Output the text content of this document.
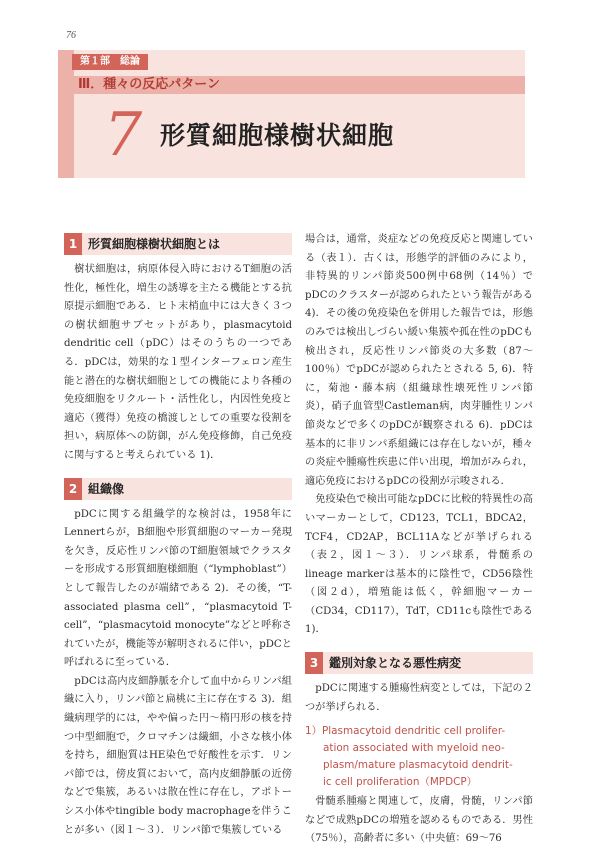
76
第１部　総論
Ⅲ．種々の反応パターン
7 形質細胞様樹状細胞
1 形質細胞様樹状細胞とは

樹状細胞は，病原体侵入時におけるT細胞の活性化，極性化，増生の誘導を主たる機能とする抗原提示細胞である．ヒト末梢血中には大きく３つの樹状細胞サブセットがあり，plasmacytoid dendritic cell（pDC）はそのうちの一つである．pDCは，効果的な１型インターフェロン産生能と潜在的な樹状細胞としての機能により各種の免疫細胞をリクルート・活性化し，内因性免疫と適応（獲得）免疫の橋渡しとしての重要な役割を担い，病原体への防御，がん免疫修飾，自己免疫に関与すると考えられている 1)．

2 組織像

pDCに関する組織学的な検討は，1958年にLennertらが，B細胞や形質細胞のマーカー発現を欠き，反応性リンパ節のT細胞領域でクラスターを形成する形質細胞様細胞（“lymphoblast”）として報告したのが端緒である 2)．その後，“T-associated plasma cell”，“plasmacytoid T-cell”，“plasmacytoid monocyte”などと呼称されていたが，機能等が解明されるに伴い，pDCと呼ばれるに至っている．

pDCは高内皮細静脈を介して血中からリンパ組織に入り，リンパ節と扁桃に主に存在する 3)．組織病理学的には，やや偏った円〜楕円形の核を持つ中型細胞で，クロマチンは繊細，小さな核小体を持ち，細胞質はHE染色で好酸性を示す．リンパ節では，傍皮質において，高内皮細静脈の近傍などで集簇，あるいは散在性に存在し，アポトーシス小体やtingible body macrophageを伴うことが多い（図１〜３）．リンパ節で集簇している

場合は，通常，炎症などの免疫反応と関連している（表１）．古くは，形態学的評価のみにより，非特異的リンパ節炎500例中68例（14％）でpDCのクラスターが認められたという報告がある 4)．その後の免疫染色を併用した報告では，形態のみでは検出しづらい緩い集簇や孤在性のpDCも検出され，反応性リンパ節炎の大多数（87〜100％）でpDCが認められたとされる 5, 6)．特に，菊池・藤本病（組織球性壊死性リンパ節炎），硝子血管型Castleman病，肉芽腫性リンパ節炎などで多くのpDCが観察される 6)．pDCは基本的に非リンパ系組織には存在しないが，種々の炎症や腫瘍性疾患に伴い出現，増加がみられ，適応免疫におけるpDCの役割が示唆される．

免疫染色で検出可能なpDCに比較的特異性の高いマーカーとして，CD123，TCL1，BDCA2，TCF4，CD2AP，BCL11Aなどが挙げられる（表２，図１〜３）．リンパ球系，骨髄系のlineage markerは基本的に陰性で，CD56陰性（図２d），増殖能は低く，幹細胞マーカー（CD34，CD117），TdT，CD11cも陰性である 1)．

3 鑑別対象となる悪性病変

pDCに関連する腫瘍性病変としては，下記の２つが挙げられる．

1）Plasmacytoid dendritic cell prolifer-
ation associated with myeloid neo-
plasm/mature plasmacytoid dendrit-
ic cell proliferation（MPDCP）

骨髄系腫瘍と関連して，皮膚，骨髄，リンパ節などで成熟pDCの増殖を認めるものである．男性（75％），高齢者に多い（中央値：69〜76
